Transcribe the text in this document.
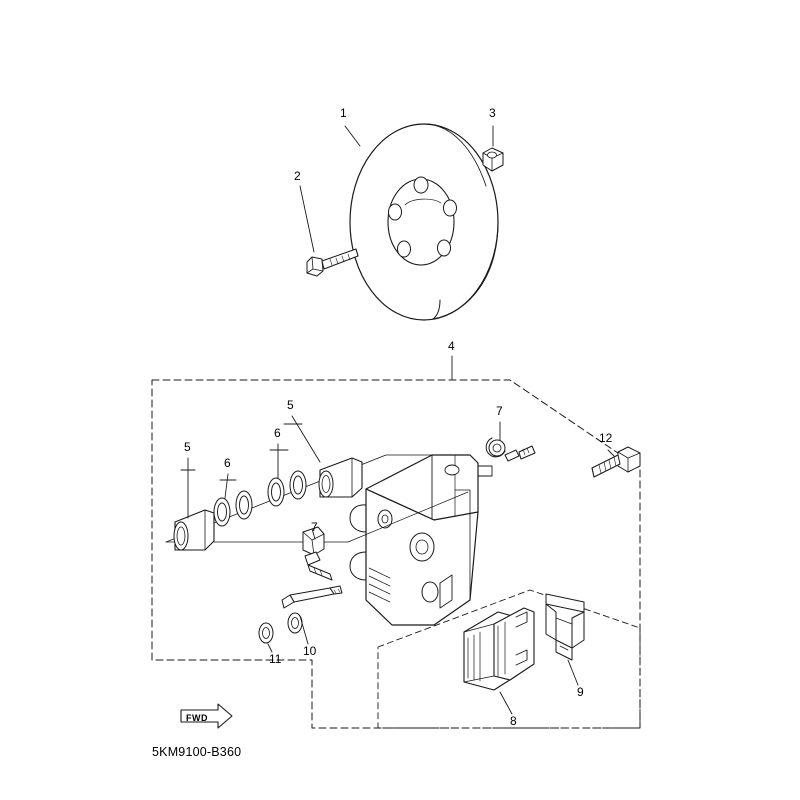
1
2
3
4
5
6
6
5	7
7
12
11
10
9
8
FWD
5KM9100-B360
